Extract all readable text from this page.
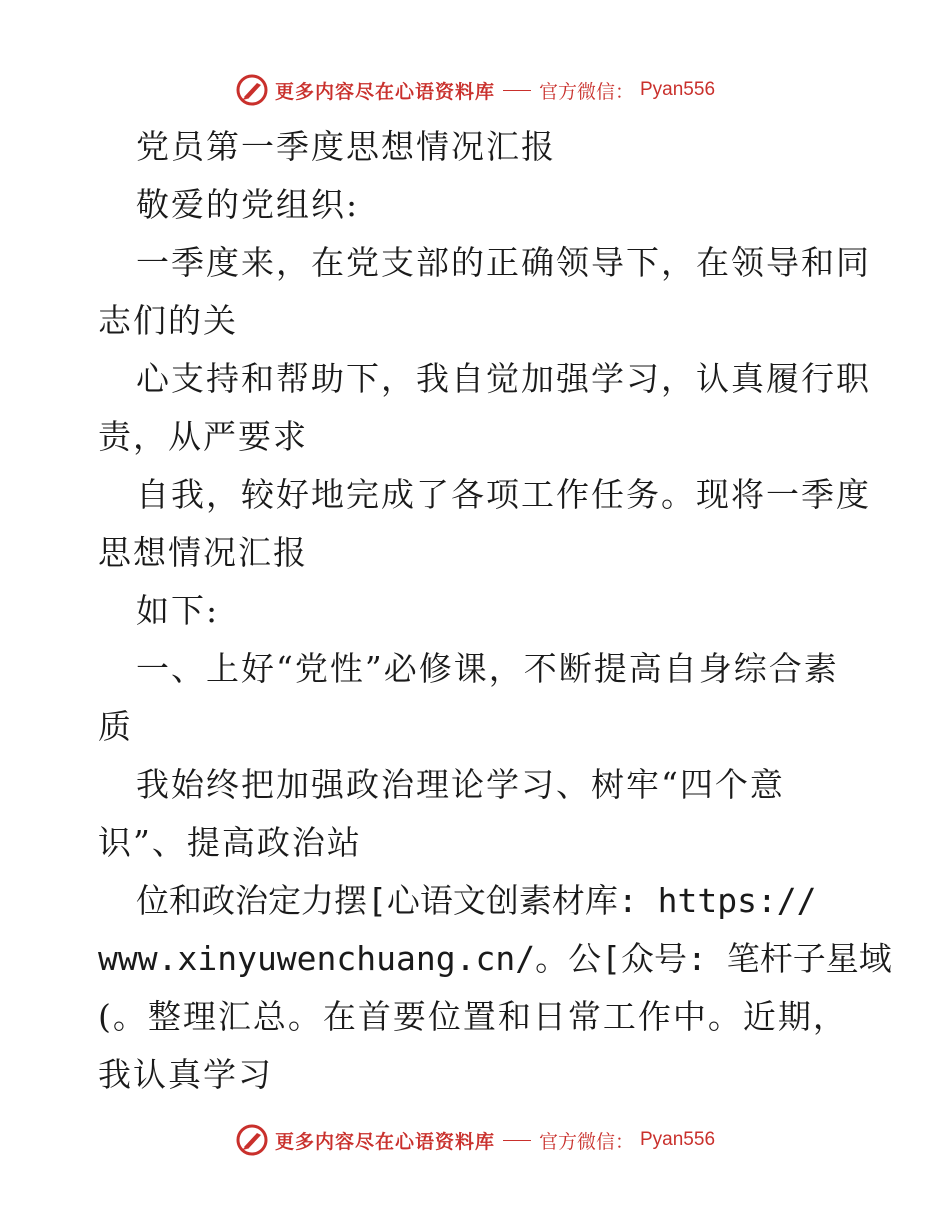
更多内容尽在心语资料库 官方微信： Pyan556
党员第一季度思想情况汇报
敬爱的党组织:
一季度来，在党支部的正确领导下，在领导和同
志们的关
心支持和帮助下，我自觉加强学习，认真履行职
责，从严要求
自我，较好地完成了各项工作任务。现将一季度
思想情况汇报
如下:
一、上好“党性”必修课，不断提高自身综合素
质
我始终把加强政治理论学习、树牢“四个意
识”、提高政治站
位和政治定力摆[心语文创素材库: https://
www.xinyuwenchuang.cn/。公[众号: 笔杆子星域
(。整理汇总。在首要位置和日常工作中。近期，
我认真学习
更多内容尽在心语资料库 官方微信： Pyan556
